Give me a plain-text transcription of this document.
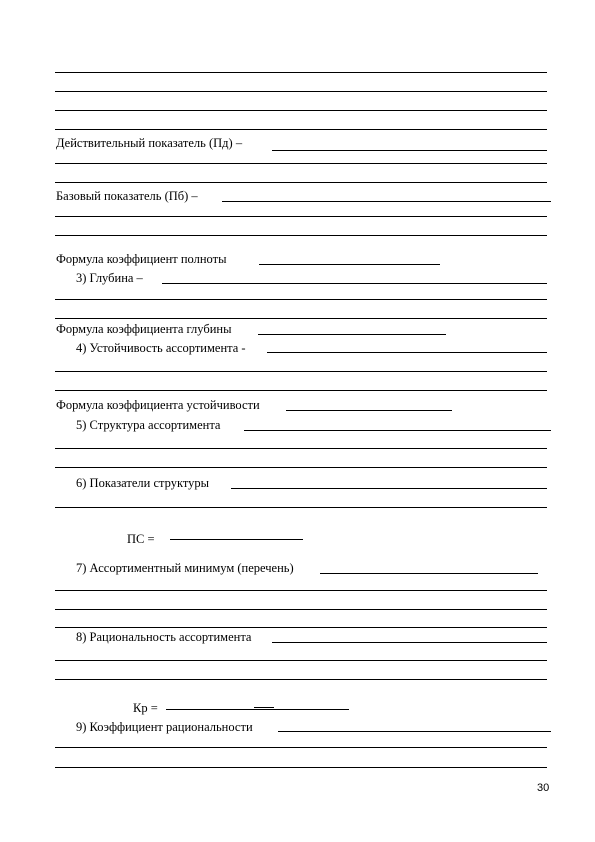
Действительный показатель (Пд) –
Базовый показатель (Пб) –
Формула коэффициент полноты
3) Глубина –
Формула коэффициента глубины
4) Устойчивость ассортимента -
Формула коэффициента устойчивости
5) Структура ассортимента
6) Показатели структуры
ПС =
7) Ассортиментный минимум (перечень)
8) Рациональность ассортимента
Кр =
9) Коэффициент рациональности
30
